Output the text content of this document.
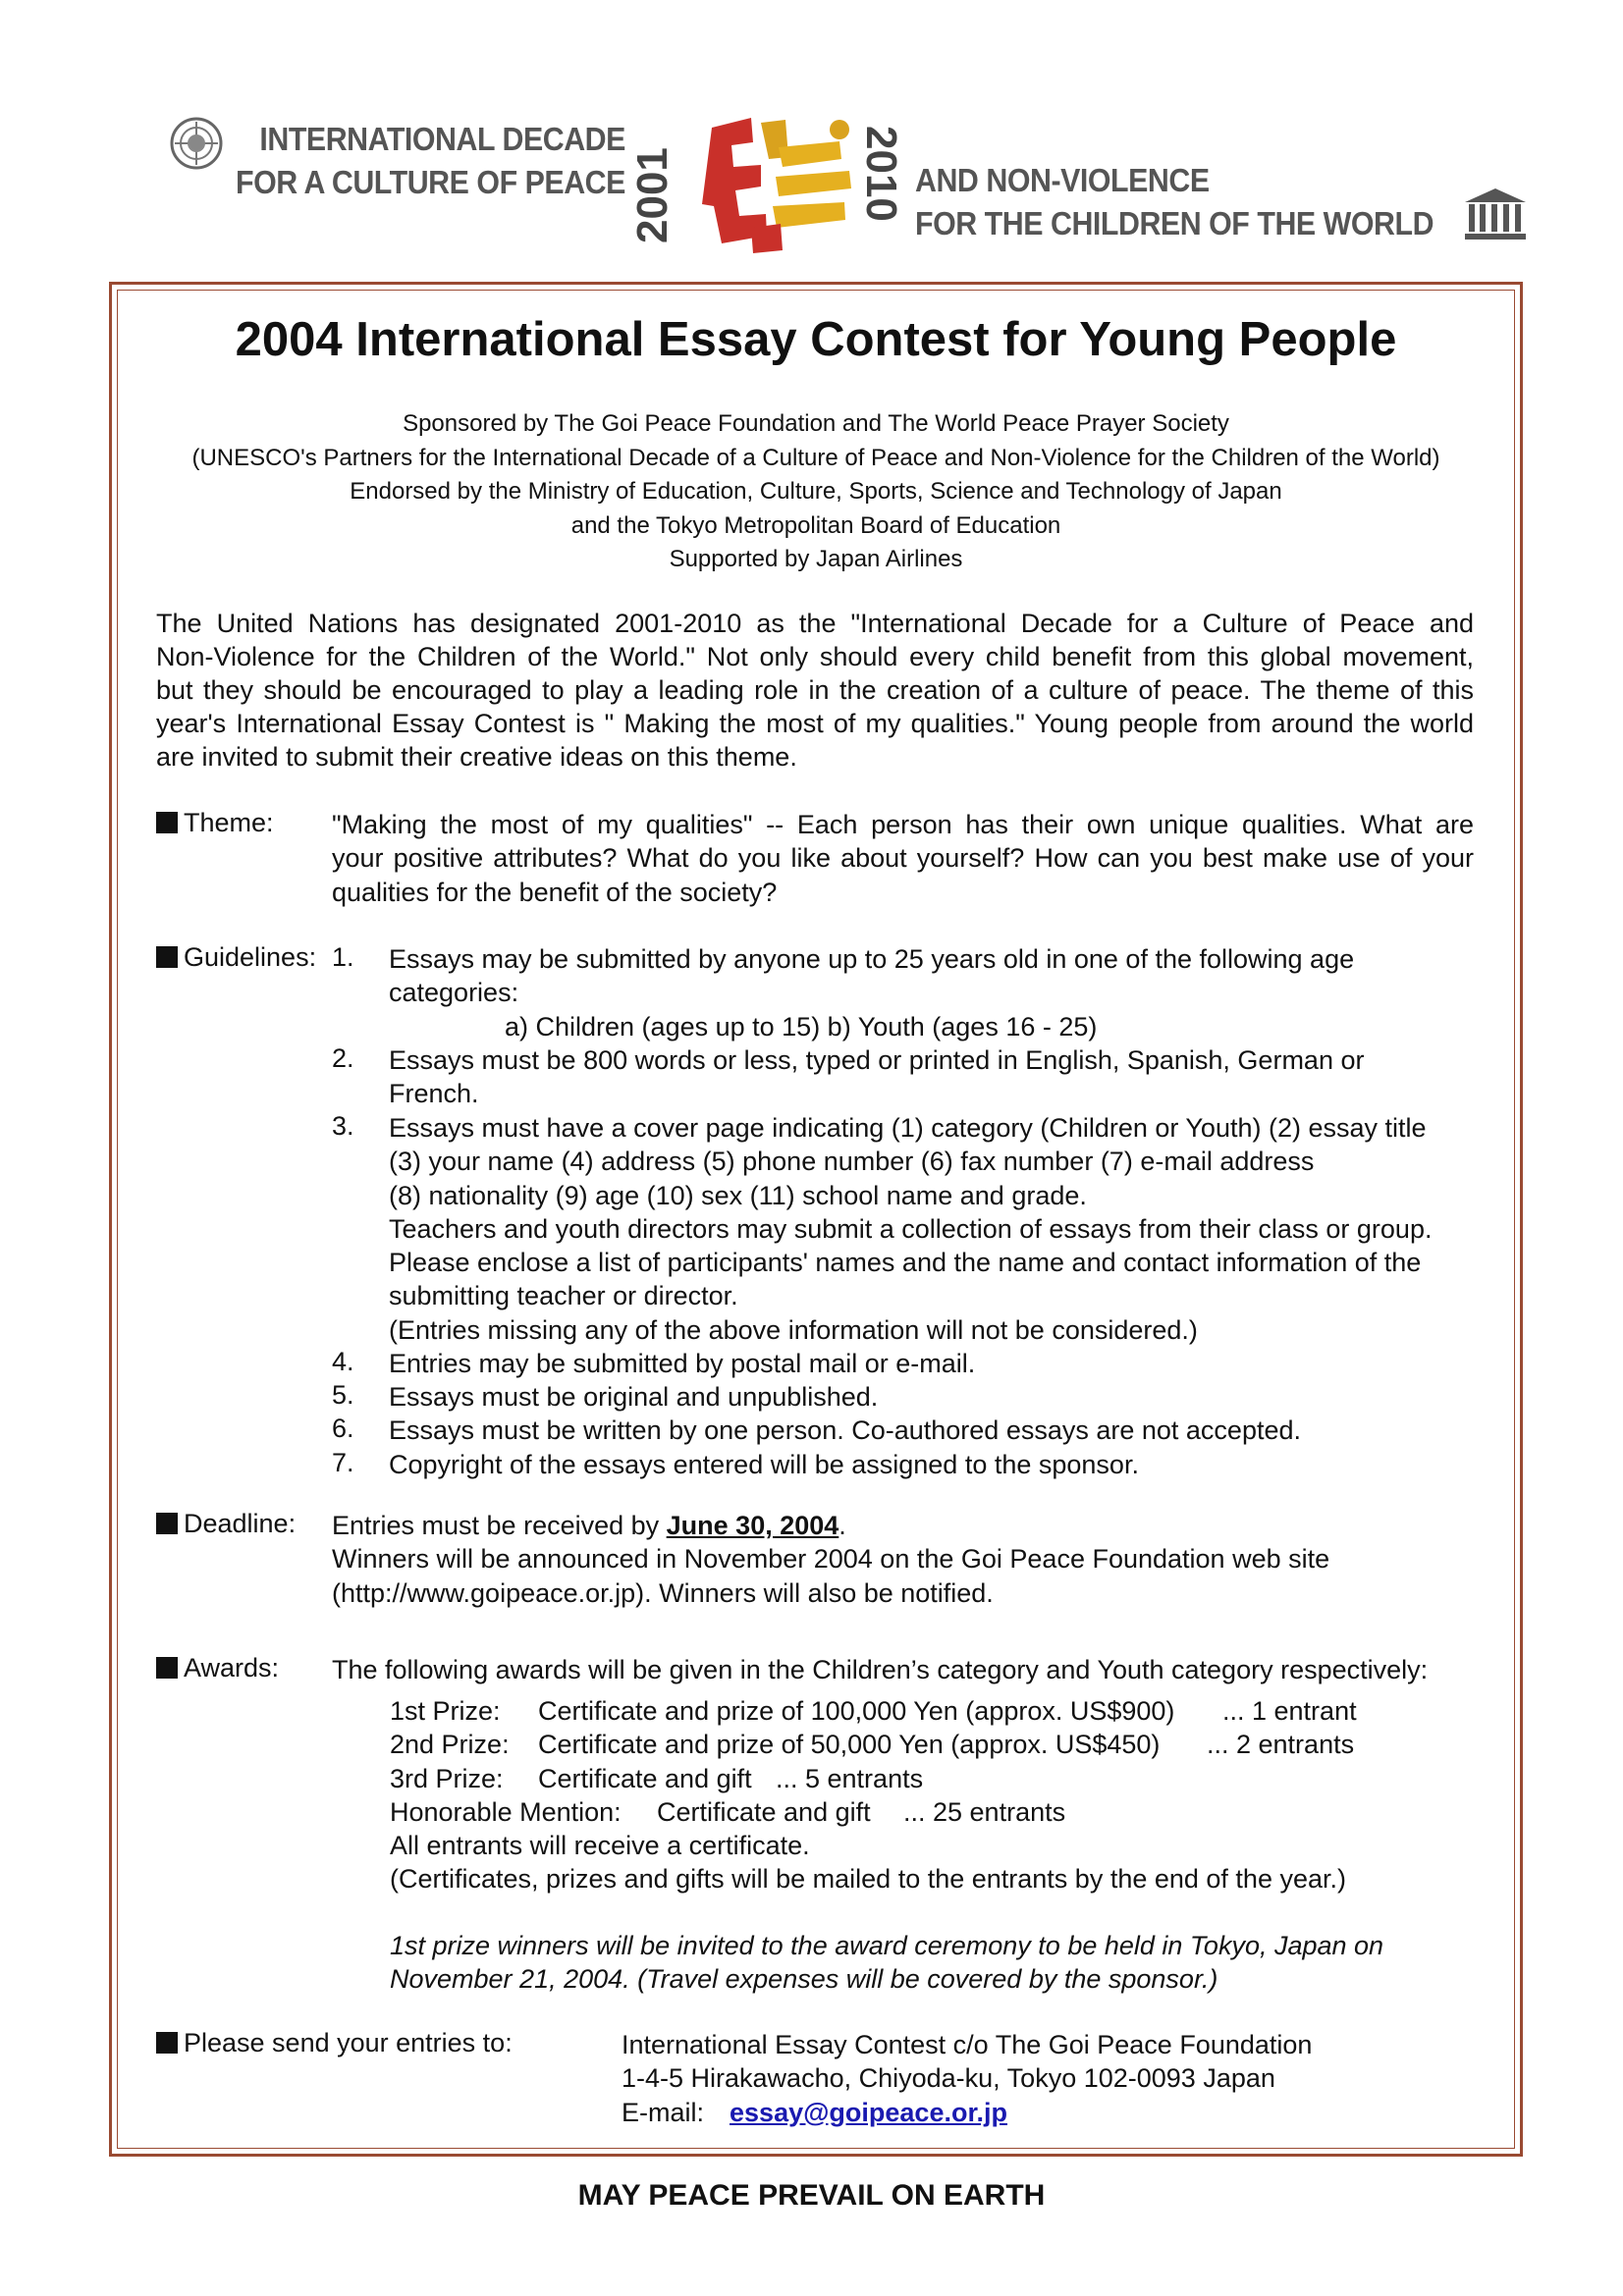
INTERNATIONAL DECADE
FOR A CULTURE OF PEACE 2001	2010 AND NON-VIOLENCE
FOR THE CHILDREN OF THE WORLD
2004 International Essay Contest for Young People
Sponsored by The Goi Peace Foundation and The World Peace Prayer Society
(UNESCO's Partners for the International Decade of a Culture of Peace and Non-Violence for the Children of the World)
Endorsed by the Ministry of Education, Culture, Sports, Science and Technology of Japan
and the Tokyo Metropolitan Board of Education
Supported by Japan Airlines
The United Nations has designated 2001-2010 as the "International Decade for a Culture of Peace and
Non-Violence for the Children of the World." Not only should every child benefit from this global movement,
but they should be encouraged to play a leading role in the creation of a culture of peace. The theme of this
year's International Essay Contest is " Making the most of my qualities." Young people from around the world
are invited to submit their creative ideas on this theme.
Theme: "Making the most of my qualities" -- Each person has their own unique qualities. What are
your positive attributes? What do you like about yourself? How can you best make use of your
qualities for the benefit of the society?
Guidelines: 1. Essays may be submitted by anyone up to 25 years old in one of the following age
categories:
a) Children (ages up to 15) b) Youth (ages 16 - 25)
2. Essays must be 800 words or less, typed or printed in English, Spanish, German or
French.
3. Essays must have a cover page indicating (1) category (Children or Youth) (2) essay title
(3) your name (4) address (5) phone number (6) fax number (7) e-mail address
(8) nationality (9) age (10) sex (11) school name and grade.
Teachers and youth directors may submit a collection of essays from their class or group.
Please enclose a list of participants' names and the name and contact information of the
submitting teacher or director.
(Entries missing any of the above information will not be considered.)
4. Entries may be submitted by postal mail or e-mail.
5. Essays must be original and unpublished.
6. Essays must be written by one person. Co-authored essays are not accepted.
7. Copyright of the essays entered will be assigned to the sponsor.
Deadline: Entries must be received by June 30, 2004.
Winners will be announced in November 2004 on the Goi Peace Foundation web site
(http://www.goipeace.or.jp). Winners will also be notified.
Awards: The following awards will be given in the Children’s category and Youth category respectively:
1st Prize: Certificate and prize of 100,000 Yen (approx. US$900) ... 1 entrant
2nd Prize: Certificate and prize of 50,000 Yen (approx. US$450) ... 2 entrants
3rd Prize: Certificate and gift ... 5 entrants
Honorable Mention: Certificate and gift ... 25 entrants
All entrants will receive a certificate.
(Certificates, prizes and gifts will be mailed to the entrants by the end of the year.)
1st prize winners will be invited to the award ceremony to be held in Tokyo, Japan on
November 21, 2004. (Travel expenses will be covered by the sponsor.)
Please send your entries to:	International Essay Contest c/o The Goi Peace Foundation
1-4-5 Hirakawacho, Chiyoda-ku, Tokyo 102-0093 Japan
E-mail: essay@goipeace.or.jp
MAY PEACE PREVAIL ON EARTH
